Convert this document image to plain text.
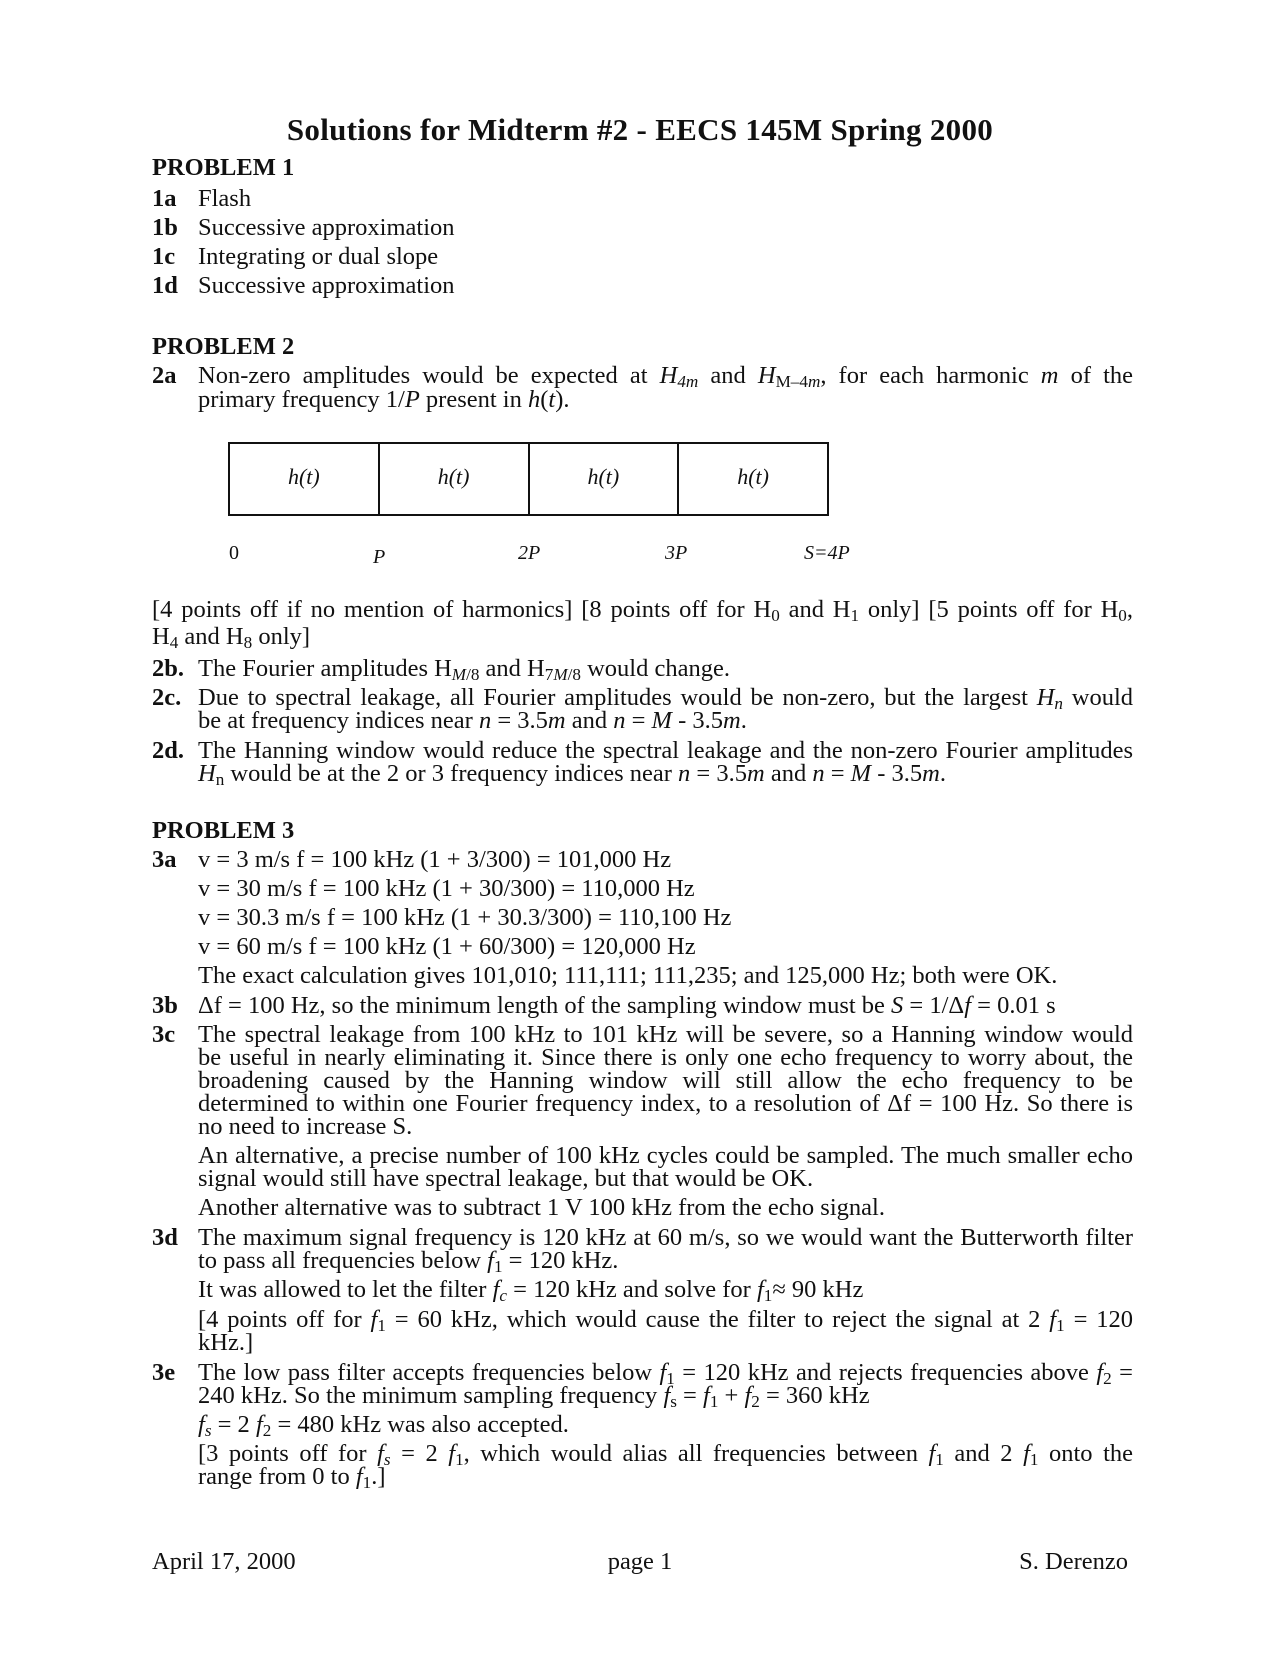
Solutions for Midterm #2 - EECS 145M Spring 2000
PROBLEM 1
1a Flash
1b Successive approximation
1c Integrating or dual slope
1d Successive approximation
PROBLEM 2
2a Non-zero amplitudes would be expected at $H_{4m}$ and $H_{M-4m}$, for each harmonic m of the
primary frequency 1/P present in h(t).
h(t)	h(t)	h(t)	h(t)
0	P	2P	3P	S=4P
[4 points off if no mention of harmonics] [8 points off for $H_0$ and $H_1$ only] [5 points off for $H_0$,
$H_4$ and $H_8$ only]
2b. The Fourier amplitudes $H_{M/8}$ and $H_{7M/8}$ would change.
2c. Due to spectral leakage, all Fourier amplitudes would be non-zero, but the largest $H_n$ would
be at frequency indices near n = 3.5m and n = M - 3.5m.
2d. The Hanning window would reduce the spectral leakage and the non-zero Fourier amplitudes
$H_n$ would be at the 2 or 3 frequency indices near n = 3.5m and n = M - 3.5m.
PROBLEM 3
3a v = 3 m/s f = 100 kHz (1 + 3/300) = 101,000 Hz
v = 30 m/s f = 100 kHz (1 + 30/300) = 110,000 Hz
v = 30.3 m/s f = 100 kHz (1 + 30.3/300) = 110,100 Hz
v = 60 m/s f = 100 kHz (1 + 60/300) = 120,000 Hz
The exact calculation gives 101,010; 111,111; 111,235; and 125,000 Hz; both were OK.
3b Δf = 100 Hz, so the minimum length of the sampling window must be S = 1/Δf = 0.01 s
3c The spectral leakage from 100 kHz to 101 kHz will be severe, so a Hanning window would
be useful in nearly eliminating it. Since there is only one echo frequency to worry about, the
broadening caused by the Hanning window will still allow the echo frequency to be
determined to within one Fourier frequency index, to a resolution of Δf = 100 Hz. So there is
no need to increase S.
An alternative, a precise number of 100 kHz cycles could be sampled. The much smaller echo
signal would still have spectral leakage, but that would be OK.
Another alternative was to subtract 1 V 100 kHz from the echo signal.
3d The maximum signal frequency is 120 kHz at 60 m/s, so we would want the Butterworth filter
to pass all frequencies below $f_1 = 120$ kHz.
It was allowed to let the filter $f_c = 120$ kHz and solve for $f_1\approx 90$ kHz
[4 points off for $f_1 = 60$ kHz, which would cause the filter to reject the signal at 2 $f_1 = 120$
kHz.]
3e The low pass filter accepts frequencies below $f_1 = 120$ kHz and rejects frequencies above $f_2$ =
240 kHz. So the minimum sampling frequency $f_s = f_1 + f_2 = 360$ kHz
$f_s = 2$ $f_2 = 480$ kHz was also accepted.
[3 points off for $f_s = 2$ $f_1$, which would alias all frequencies between $f_1$ and 2 $f_1$ onto the
range from 0 to $f_1$.]
April 17, 2000	page 1	S. Derenzo
